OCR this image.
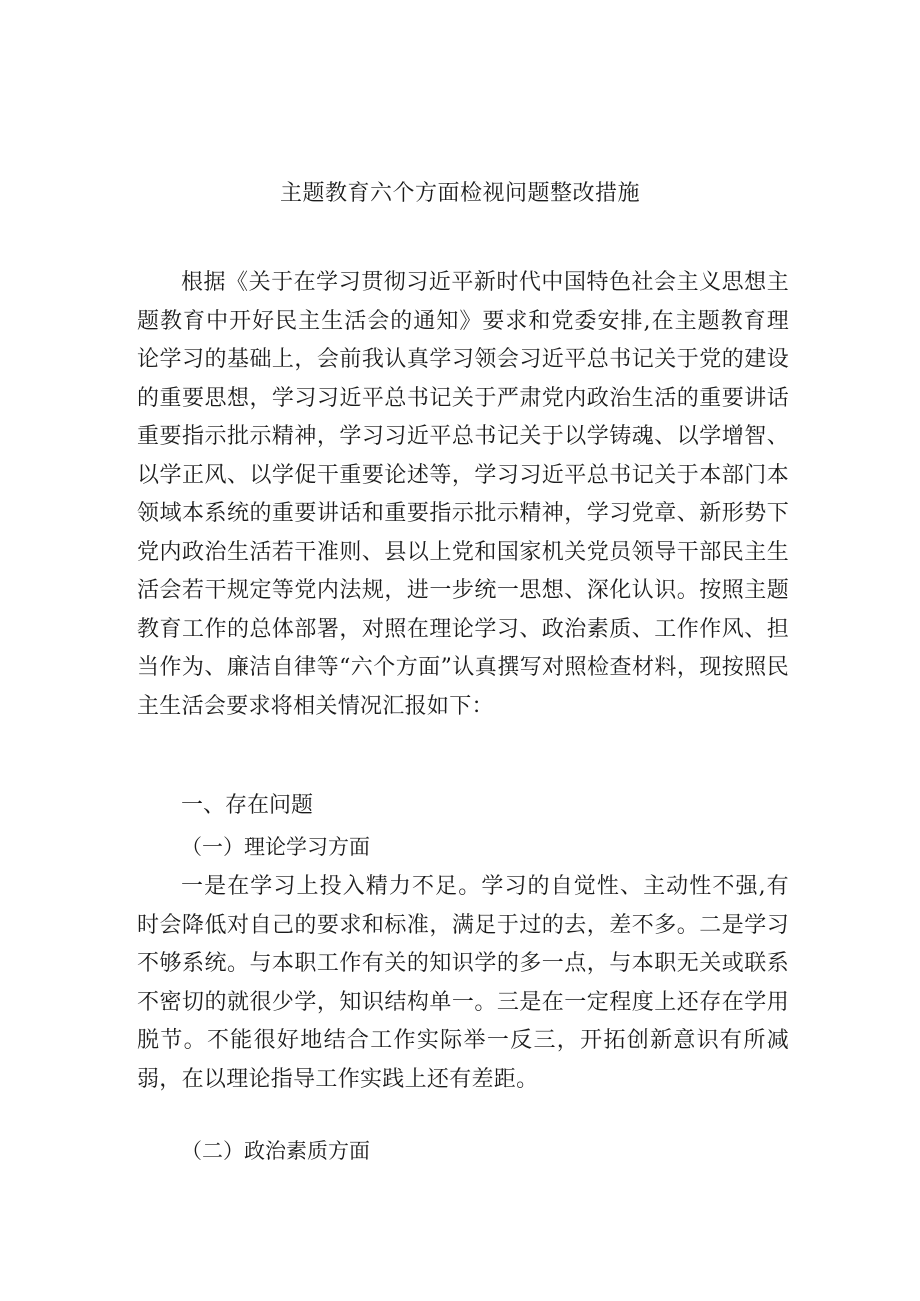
主题教育六个方面检视问题整改措施

根据《关于在学习贯彻习近平新时代中国特色社会主义思想主题教育中开好民主生活会的通知》要求和党委安排,在主题教育理论学习的基础上，会前我认真学习领会习近平总书记关于党的建设的重要思想，学习习近平总书记关于严肃党内政治生活的重要讲话重要指示批示精神，学习习近平总书记关于以学铸魂、以学增智、以学正风、以学促干重要论述等，学习习近平总书记关于本部门本领域本系统的重要讲话和重要指示批示精神，学习党章、新形势下党内政治生活若干准则、县以上党和国家机关党员领导干部民主生活会若干规定等党内法规，进一步统一思想、深化认识。按照主题教育工作的总体部署，对照在理论学习、政治素质、工作作风、担当作为、廉洁自律等“六个方面”认真撰写对照检查材料，现按照民主生活会要求将相关情况汇报如下：

一、存在问题
（一）理论学习方面

一是在学习上投入精力不足。学习的自觉性、主动性不强,有时会降低对自己的要求和标准，满足于过的去，差不多。二是学习不够系统。与本职工作有关的知识学的多一点，与本职无关或联系不密切的就很少学，知识结构单一。三是在一定程度上还存在学用脱节。不能很好地结合工作实际举一反三，开拓创新意识有所减弱，在以理论指导工作实践上还有差距。

（二）政治素质方面
